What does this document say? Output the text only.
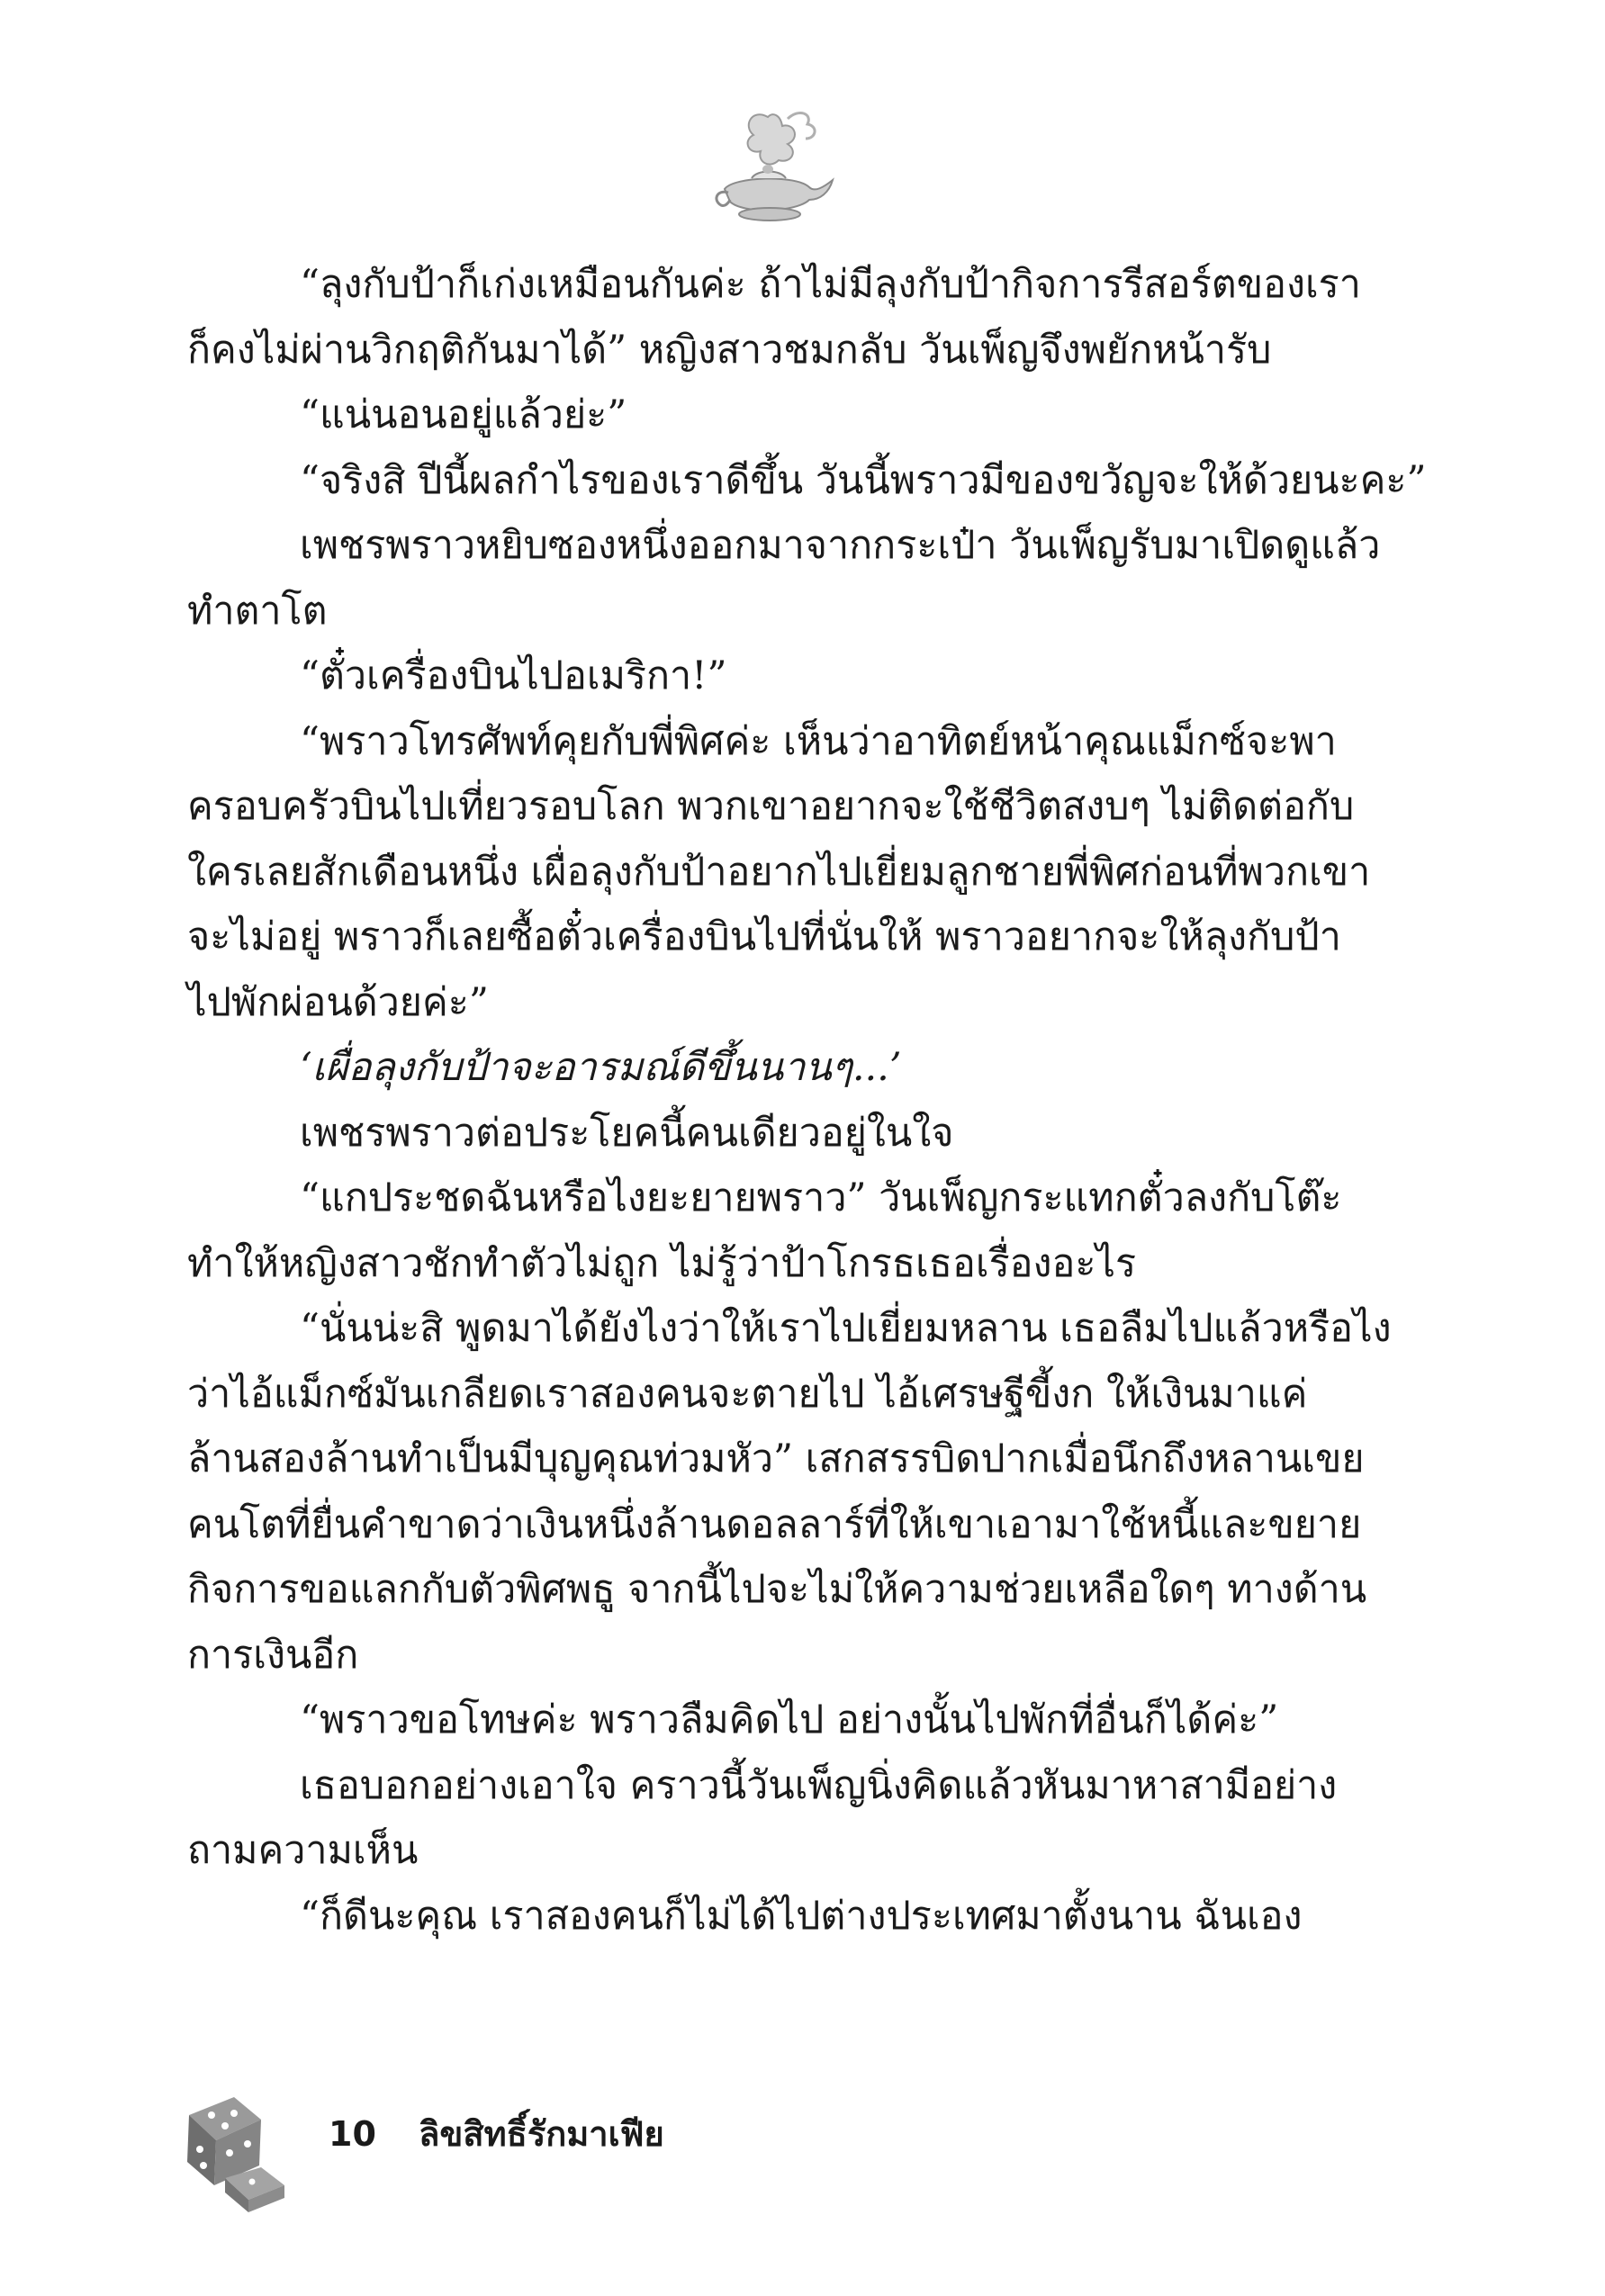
“ลุงกับป้าก็เก่งเหมือนกันค่ะ ถ้าไม่มีลุงกับป้ากิจการรีสอร์ตของเรา
ก็คงไม่ผ่านวิกฤติกันมาได้” หญิงสาวชมกลับ วันเพ็ญจึงพยักหน้ารับ
“แน่นอนอยู่แล้วย่ะ”
“จริงสิ ปีนี้ผลกำไรของเราดีขึ้น วันนี้พราวมีของขวัญจะให้ด้วยนะคะ”
เพชรพราวหยิบซองหนึ่งออกมาจากกระเป๋า วันเพ็ญรับมาเปิดดูแล้ว
ทำตาโต
“ตั๋วเครื่องบินไปอเมริกา!”
“พราวโทรศัพท์คุยกับพี่พิศค่ะ เห็นว่าอาทิตย์หน้าคุณแม็กซ์จะพา
ครอบครัวบินไปเที่ยวรอบโลก พวกเขาอยากจะใช้ชีวิตสงบๆ ไม่ติดต่อกับ
ใครเลยสักเดือนหนึ่ง เผื่อลุงกับป้าอยากไปเยี่ยมลูกชายพี่พิศก่อนที่พวกเขา
จะไม่อยู่ พราวก็เลยซื้อตั๋วเครื่องบินไปที่นั่นให้ พราวอยากจะให้ลุงกับป้า
ไปพักผ่อนด้วยค่ะ”
‘เผื่อลุงกับป้าจะอารมณ์ดีขึ้นนานๆ...’
เพชรพราวต่อประโยคนี้คนเดียวอยู่ในใจ
“แกประชดฉันหรือไงยะยายพราว” วันเพ็ญกระแทกตั๋วลงกับโต๊ะ
ทำให้หญิงสาวชักทำตัวไม่ถูก ไม่รู้ว่าป้าโกรธเธอเรื่องอะไร
“นั่นน่ะสิ พูดมาได้ยังไงว่าให้เราไปเยี่ยมหลาน เธอลืมไปแล้วหรือไง
ว่าไอ้แม็กซ์มันเกลียดเราสองคนจะตายไป ไอ้เศรษฐีขี้งก ให้เงินมาแค่
ล้านสองล้านทำเป็นมีบุญคุณท่วมหัว” เสกสรรบิดปากเมื่อนึกถึงหลานเขย
คนโตที่ยื่นคำขาดว่าเงินหนึ่งล้านดอลลาร์ที่ให้เขาเอามาใช้หนี้และขยาย
กิจการขอแลกกับตัวพิศพธู จากนี้ไปจะไม่ให้ความช่วยเหลือใดๆ ทางด้าน
การเงินอีก
“พราวขอโทษค่ะ พราวลืมคิดไป อย่างนั้นไปพักที่อื่นก็ได้ค่ะ”
เธอบอกอย่างเอาใจ คราวนี้วันเพ็ญนิ่งคิดแล้วหันมาหาสามีอย่าง
ถามความเห็น
“ก็ดีนะคุณ เราสองคนก็ไม่ได้ไปต่างประเทศมาตั้งนาน ฉันเอง
10 ลิขสิทธิ์รักมาเฟีย
